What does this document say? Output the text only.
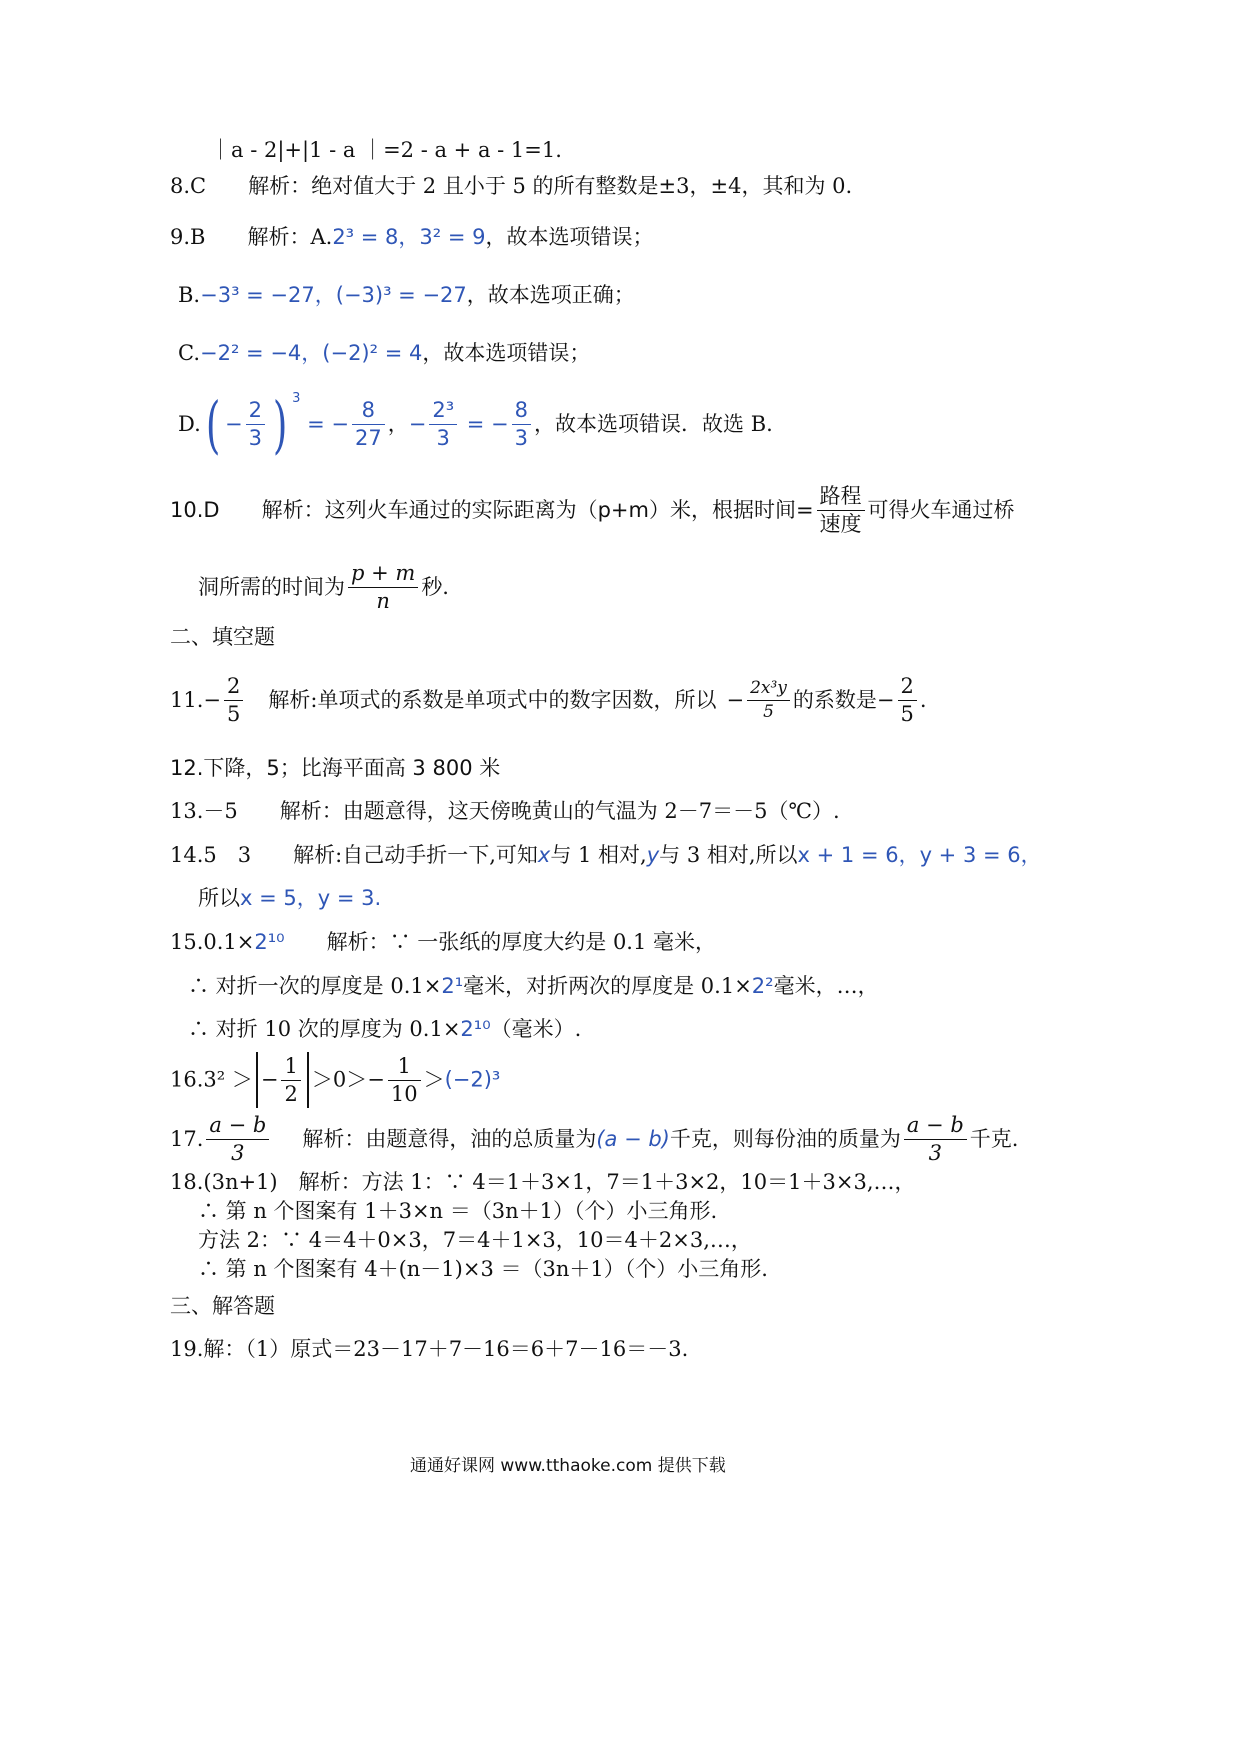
｜a - 2|+|1 - a ｜=2 - a + a - 1=1.
8.C　　解析：绝对值大于 2 且小于 5 的所有整数是±3，±4，其和为 0.
9.B　　解析：A.2³ = 8，3² = 9，故本选项错误；
B.−3³ = −27，(−3)³ = −27，故本选项正确；
C.−2² = −4，(−2)² = 4，故本选项错误；
$D.( - \frac{2}{3}$ ) $^3$ = − $\frac{8}{27}$ ，− $\frac{\text{2³}}{3}$ = − $\frac{8}{3}$ ，故本选项错误．故选 B.
10.D　　解析：这列火车通过的实际距离为（p+m）米，根据时间= $\frac{\text{路程}}{\text{速度}}$ 可得火车通过桥
洞所需的时间为 $\frac{p + m}{n}$ 秒.
二、填空题
$11.- \frac{2}{5}$ 解析:单项式的系数是单项式中的数字因数，所以 − $\frac{\text{2x³y}}{5}$ 的系数是− $\frac{2}{5}$ .
12.下降，5；比海平面高 3 800 米
13.－5　　解析：由题意得，这天傍晚黄山的气温为 2－7＝－5（℃）.
14.5　3　　解析:自己动手折一下,可知x与 1 相对,y与 3 相对,所以x + 1 = 6，y + 3 = 6，
所以x = 5，y = 3.
15.0.1×2¹⁰　　解析：∵ 一张纸的厚度大约是 0.1 毫米，
∴ 对折一次的厚度是 0.1×2¹毫米，对折两次的厚度是 0.1×2²毫米，…，
∴ 对折 10 次的厚度为 0.1×2¹⁰（毫米）.
16.3² ＞ − $\frac{1}{2} >0>- \frac{1}{10} >(-2)^3$
17. $\frac{a - b}{3}$ 解析：由题意得，油的总质量为(a − b)千克，则每份油的质量为 $\frac{a - b}{3}$ 千克.
18.(3n+1)　解析：方法 1：∵ 4＝1＋3×1，7＝1＋3×2，10＝1＋3×3,…，
∴ 第 n 个图案有 1＋3×n ＝（3n＋1）（个）小三角形.
方法 2：∵ 4＝4＋0×3，7＝4＋1×3，10＝4＋2×3,…，
∴ 第 n 个图案有 4＋(n－1)×3 ＝（3n＋1）（个）小三角形.
三、解答题
19.解：（1）原式＝23－17＋7－16＝6＋7－16＝－3.
通通好课网 www.tthaoke.com 提供下载
